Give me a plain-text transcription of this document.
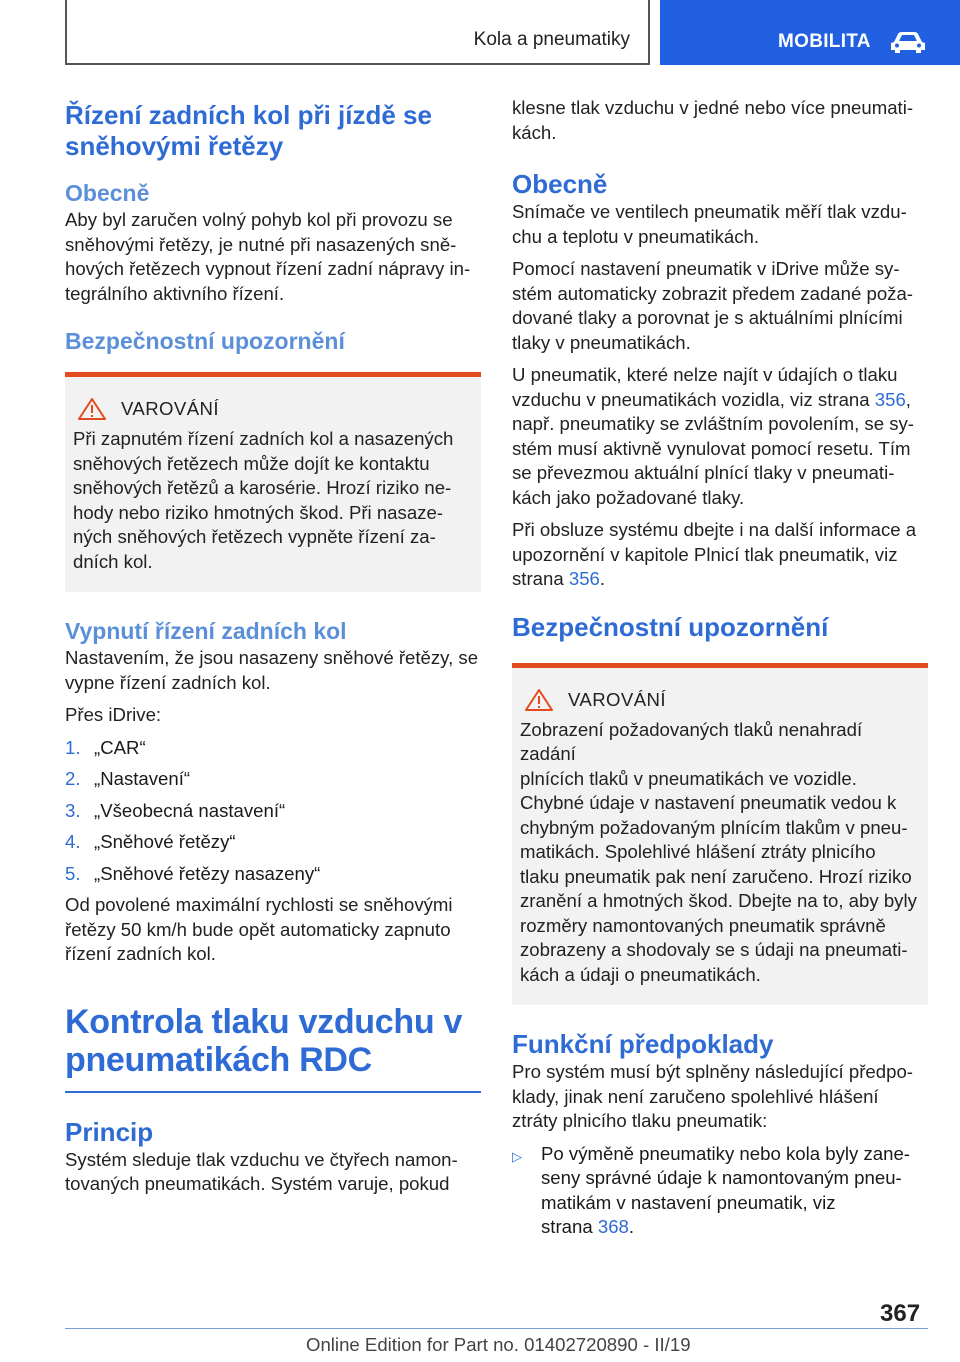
Kola a pneumatiky	MOBILITA
Řízení zadních kol při jízdě se
sněhovými řetězy
Obecně
Aby byl zaručen volný pohyb kol při provozu se
sněhovými řetězy, je nutné při nasazených sně‐
hových řetězech vypnout řízení zadní nápravy in‐
tegrálního aktivního řízení.
Bezpečnostní upozornění
VAROVÁNÍ
Při zapnutém řízení zadních kol a nasazených
sněhových řetězech může dojít ke kontaktu
sněhových řetězů a karosérie. Hrozí riziko ne‐
hody nebo riziko hmotných škod. Při nasaze‐
ných sněhových řetězech vypněte řízení za‐
dních kol.
Vypnutí řízení zadních kol
Nastavením, že jsou nasazeny sněhové řetězy, se
vypne řízení zadních kol.
Přes iDrive:
1. „CAR“
2. „Nastavení“
3. „Všeobecná nastavení“
4. „Sněhové řetězy“
5. „Sněhové řetězy nasazeny“
Od povolené maximální rychlosti se sněhovými
řetězy 50 km/h bude opět automaticky zapnuto
řízení zadních kol.
Kontrola tlaku vzduchu v
pneumatikách RDC
Princip
Systém sleduje tlak vzduchu ve čtyřech namon‐
tovaných pneumatikách. Systém varuje, pokud
klesne tlak vzduchu v jedné nebo více pneumati‐
kách.
Obecně
Snímače ve ventilech pneumatik měří tlak vzdu‐
chu a teplotu v pneumatikách.
Pomocí nastavení pneumatik v iDrive může sy‐
stém automaticky zobrazit předem zadané poža‐
dované tlaky a porovnat je s aktuálními plnícími
tlaky v pneumatikách.
U pneumatik, které nelze najít v údajích o tlaku
vzduchu v pneumatikách vozidla, viz strana 356,
např. pneumatiky se zvláštním povolením, se sy‐
stém musí aktivně vynulovat pomocí resetu. Tím
se převezmou aktuální plnící tlaky v pneumati‐
kách jako požadované tlaky.
Při obsluze systému dbejte i na další informace a
upozornění v kapitole Plnicí tlak pneumatik, viz
strana 356.
Bezpečnostní upozornění
VAROVÁNÍ
Zobrazení požadovaných tlaků nenahradí zadání
plnících tlaků v pneumatikách ve vozidle.
Chybné údaje v nastavení pneumatik vedou k
chybným požadovaným plnícím tlakům v pneu‐
matikách. Spolehlivé hlášení ztráty plnicího
tlaku pneumatik pak není zaručeno. Hrozí riziko
zranění a hmotných škod. Dbejte na to, aby byly
rozměry namontovaných pneumatik správně
zobrazeny a shodovaly se s údaji na pneumati‐
kách a údaji o pneumatikách.
Funkční předpoklady
Pro systém musí být splněny následující předpo‐
klady, jinak není zaručeno spolehlivé hlášení
ztráty plnicího tlaku pneumatik:
▷	Po výměně pneumatiky nebo kola byly zane‐
seny správné údaje k namontovaným pneu‐
matikám v nastavení pneumatik, viz
strana 368.
367
Online Edition for Part no. 01402720890 - II/19
